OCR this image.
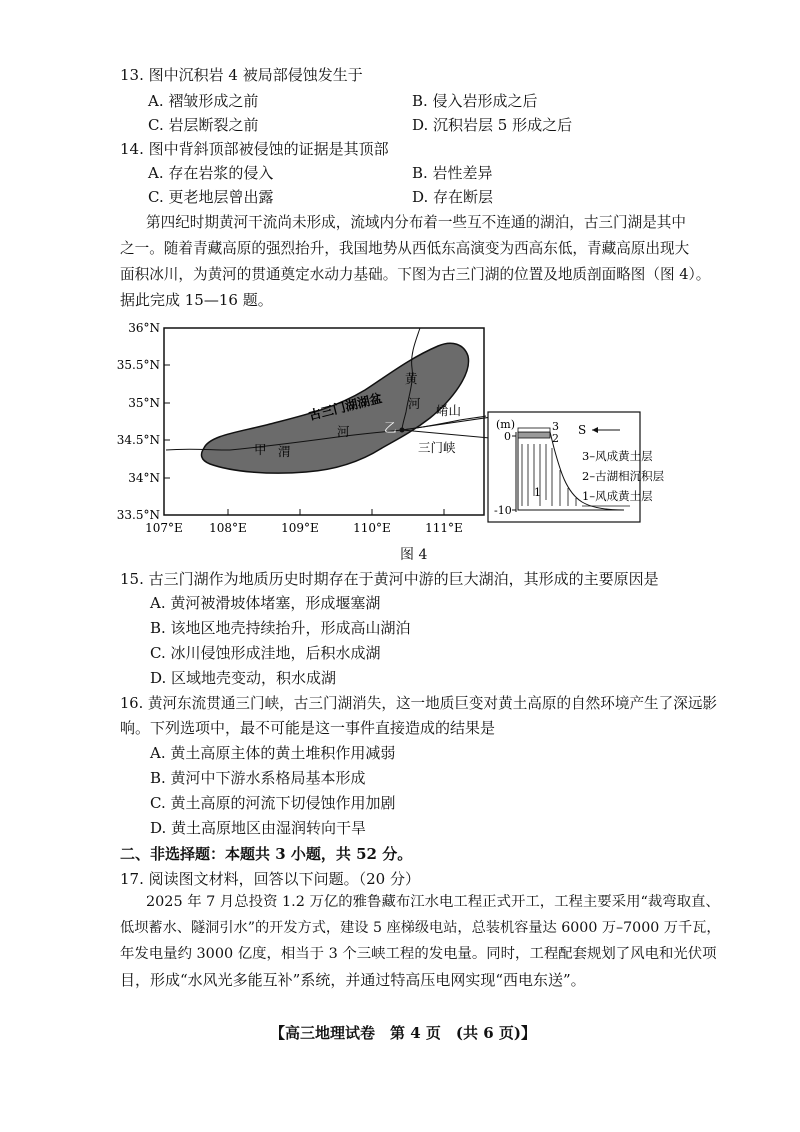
13. 图中沉积岩 4 被局部侵蚀发生于
A. 褶皱形成之前	B. 侵入岩形成之后
C. 岩层断裂之前	D. 沉积岩层 5 形成之后
14. 图中背斜顶部被侵蚀的证据是其顶部
A. 存在岩浆的侵入	B. 岩性差异
C. 更老地层曾出露	D. 存在断层
第四纪时期黄河干流尚未形成，流域内分布着一些互不连通的湖泊，古三门湖是其中
之一。随着青藏高原的强烈抬升，我国地势从西低东高演变为西高东低，青藏高原出现大
面积冰川，为黄河的贯通奠定水动力基础。下图为古三门湖的位置及地质剖面略图（图 4）。
据此完成 15—16 题。
36°N
35.5°N
35°N
34.5°N
34°N
33.5°N
107°E 108°E	109°E	110°E	111°E
古三门湖湖盆
黄
河
河
甲 渭
乙
崤山
三门峡
(m)
0
-10
3
2
1
S
3–风成黄土层
2–古湖相沉积层
1–风成黄土层
图 4
15. 古三门湖作为地质历史时期存在于黄河中游的巨大湖泊，其形成的主要原因是
A. 黄河被滑坡体堵塞，形成堰塞湖
B. 该地区地壳持续抬升，形成高山湖泊
C. 冰川侵蚀形成洼地，后积水成湖
D. 区域地壳变动，积水成湖
16. 黄河东流贯通三门峡，古三门湖消失，这一地质巨变对黄土高原的自然环境产生了深远影
响。下列选项中，最不可能是这一事件直接造成的结果是
A. 黄土高原主体的黄土堆积作用减弱
B. 黄河中下游水系格局基本形成
C. 黄土高原的河流下切侵蚀作用加剧
D. 黄土高原地区由湿润转向干旱
二、非选择题：本题共 3 小题，共 52 分。
17. 阅读图文材料，回答以下问题。（20 分）
2025 年 7 月总投资 1.2 万亿的雅鲁藏布江水电工程正式开工，工程主要采用“裁弯取直、
低坝蓄水、隧洞引水”的开发方式，建设 5 座梯级电站，总装机容量达 6000 万–7000 万千瓦，
年发电量约 3000 亿度，相当于 3 个三峡工程的发电量。同时，工程配套规划了风电和光伏项
目，形成“水风光多能互补”系统，并通过特高压电网实现“西电东送”。
【高三地理试卷　第 4 页　(共 6 页)】
